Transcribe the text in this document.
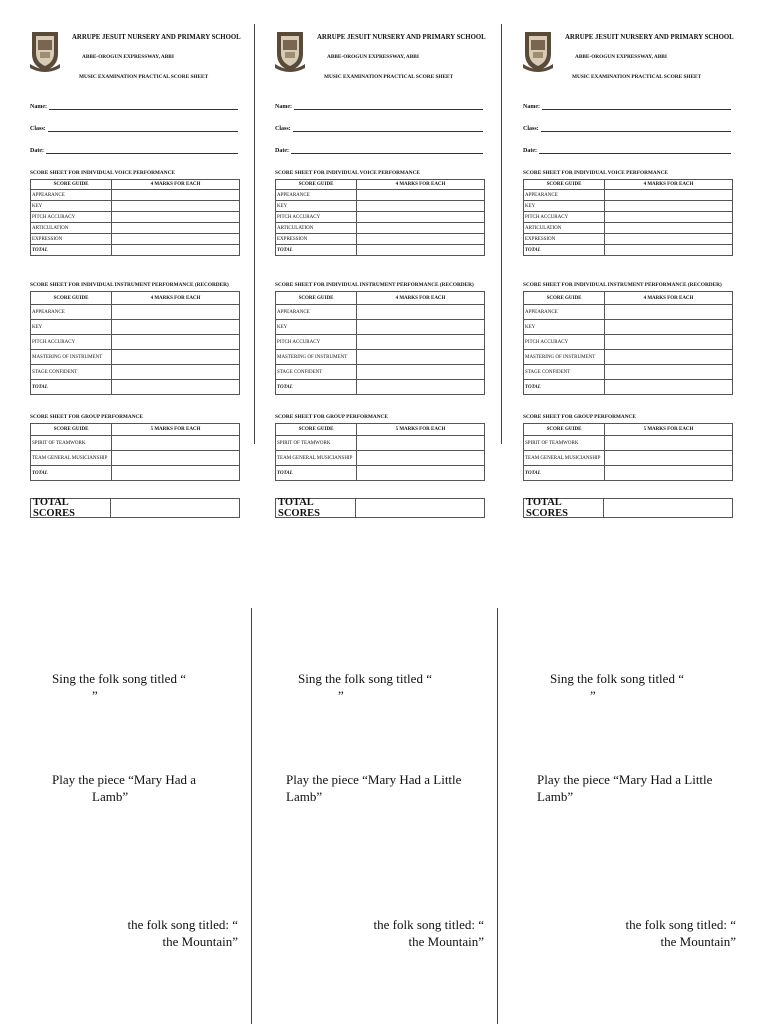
ARRUPE JESUIT NURSERY AND PRIMARY SCHOOL
ABBE-OROGUN EXPRESSWAY, ABBI
MUSIC EXAMINATION PRACTICAL SCORE SHEET
Name:
Class:
Date:
SCORE SHEET FOR INDIVIDUAL VOICE PERFORMANCE
SCORE GUIDE	4 MARKS FOR EACH
APPEARANCE	
KEY	
PITCH ACCURACY	
ARTICULATION	
EXPRESSION	
TOTAL	
SCORE SHEET FOR INDIVIDUAL INSTRUMENT PERFORMANCE (RECORDER)
SCORE GUIDE	4 MARKS FOR EACH
APPEARANCE	
KEY	
PITCH ACCURACY	
MASTERING OF INSTRUMENT	
STAGE CONFIDENT	
TOTAL	
SCORE SHEET FOR GROUP PERFORMANCE
SCORE GUIDE	5 MARKS FOR EACH
SPIRIT OF TEAMWORK	
TEAM GENERAL MUSICIANSHIP	
TOTAL	
TOTAL SCORES
ARRUPE JESUIT NURSERY AND PRIMARY SCHOOL
ABBE-OROGUN EXPRESSWAY, ABBI
MUSIC EXAMINATION PRACTICAL SCORE SHEET
Name:
Class:
Date:
SCORE SHEET FOR INDIVIDUAL VOICE PERFORMANCE
SCORE GUIDE	4 MARKS FOR EACH
APPEARANCE	
KEY	
PITCH ACCURACY	
ARTICULATION	
EXPRESSION	
TOTAL	
SCORE SHEET FOR INDIVIDUAL INSTRUMENT PERFORMANCE (RECORDER)
SCORE GUIDE	4 MARKS FOR EACH
APPEARANCE	
KEY	
PITCH ACCURACY	
MASTERING OF INSTRUMENT	
STAGE CONFIDENT	
TOTAL	
SCORE SHEET FOR GROUP PERFORMANCE
SCORE GUIDE	5 MARKS FOR EACH
SPIRIT OF TEAMWORK	
TEAM GENERAL MUSICIANSHIP	
TOTAL	
TOTAL SCORES
ARRUPE JESUIT NURSERY AND PRIMARY SCHOOL
ABBE-OROGUN EXPRESSWAY, ABBI
MUSIC EXAMINATION PRACTICAL SCORE SHEET
Name:
Class:
Date:
SCORE SHEET FOR INDIVIDUAL VOICE PERFORMANCE
SCORE GUIDE	4 MARKS FOR EACH
APPEARANCE	
KEY	
PITCH ACCURACY	
ARTICULATION	
EXPRESSION	
TOTAL	
SCORE SHEET FOR INDIVIDUAL INSTRUMENT PERFORMANCE (RECORDER)
SCORE GUIDE	4 MARKS FOR EACH
APPEARANCE	
KEY	
PITCH ACCURACY	
MASTERING OF INSTRUMENT	
STAGE CONFIDENT	
TOTAL	
SCORE SHEET FOR GROUP PERFORMANCE
SCORE GUIDE	5 MARKS FOR EACH
SPIRIT OF TEAMWORK	
TEAM GENERAL MUSICIANSHIP	
TOTAL	
TOTAL SCORES
Sing the folk song titled “
”
Play the piece “Mary Had a
Lamb”
the folk song titled: “
the Mountain”
Sing the folk song titled “
”
Play the piece “Mary Had a Little
Lamb”
the folk song titled: “
the Mountain”
Sing the folk song titled “
”
Play the piece “Mary Had a Little
Lamb”
the folk song titled: “
the Mountain”
